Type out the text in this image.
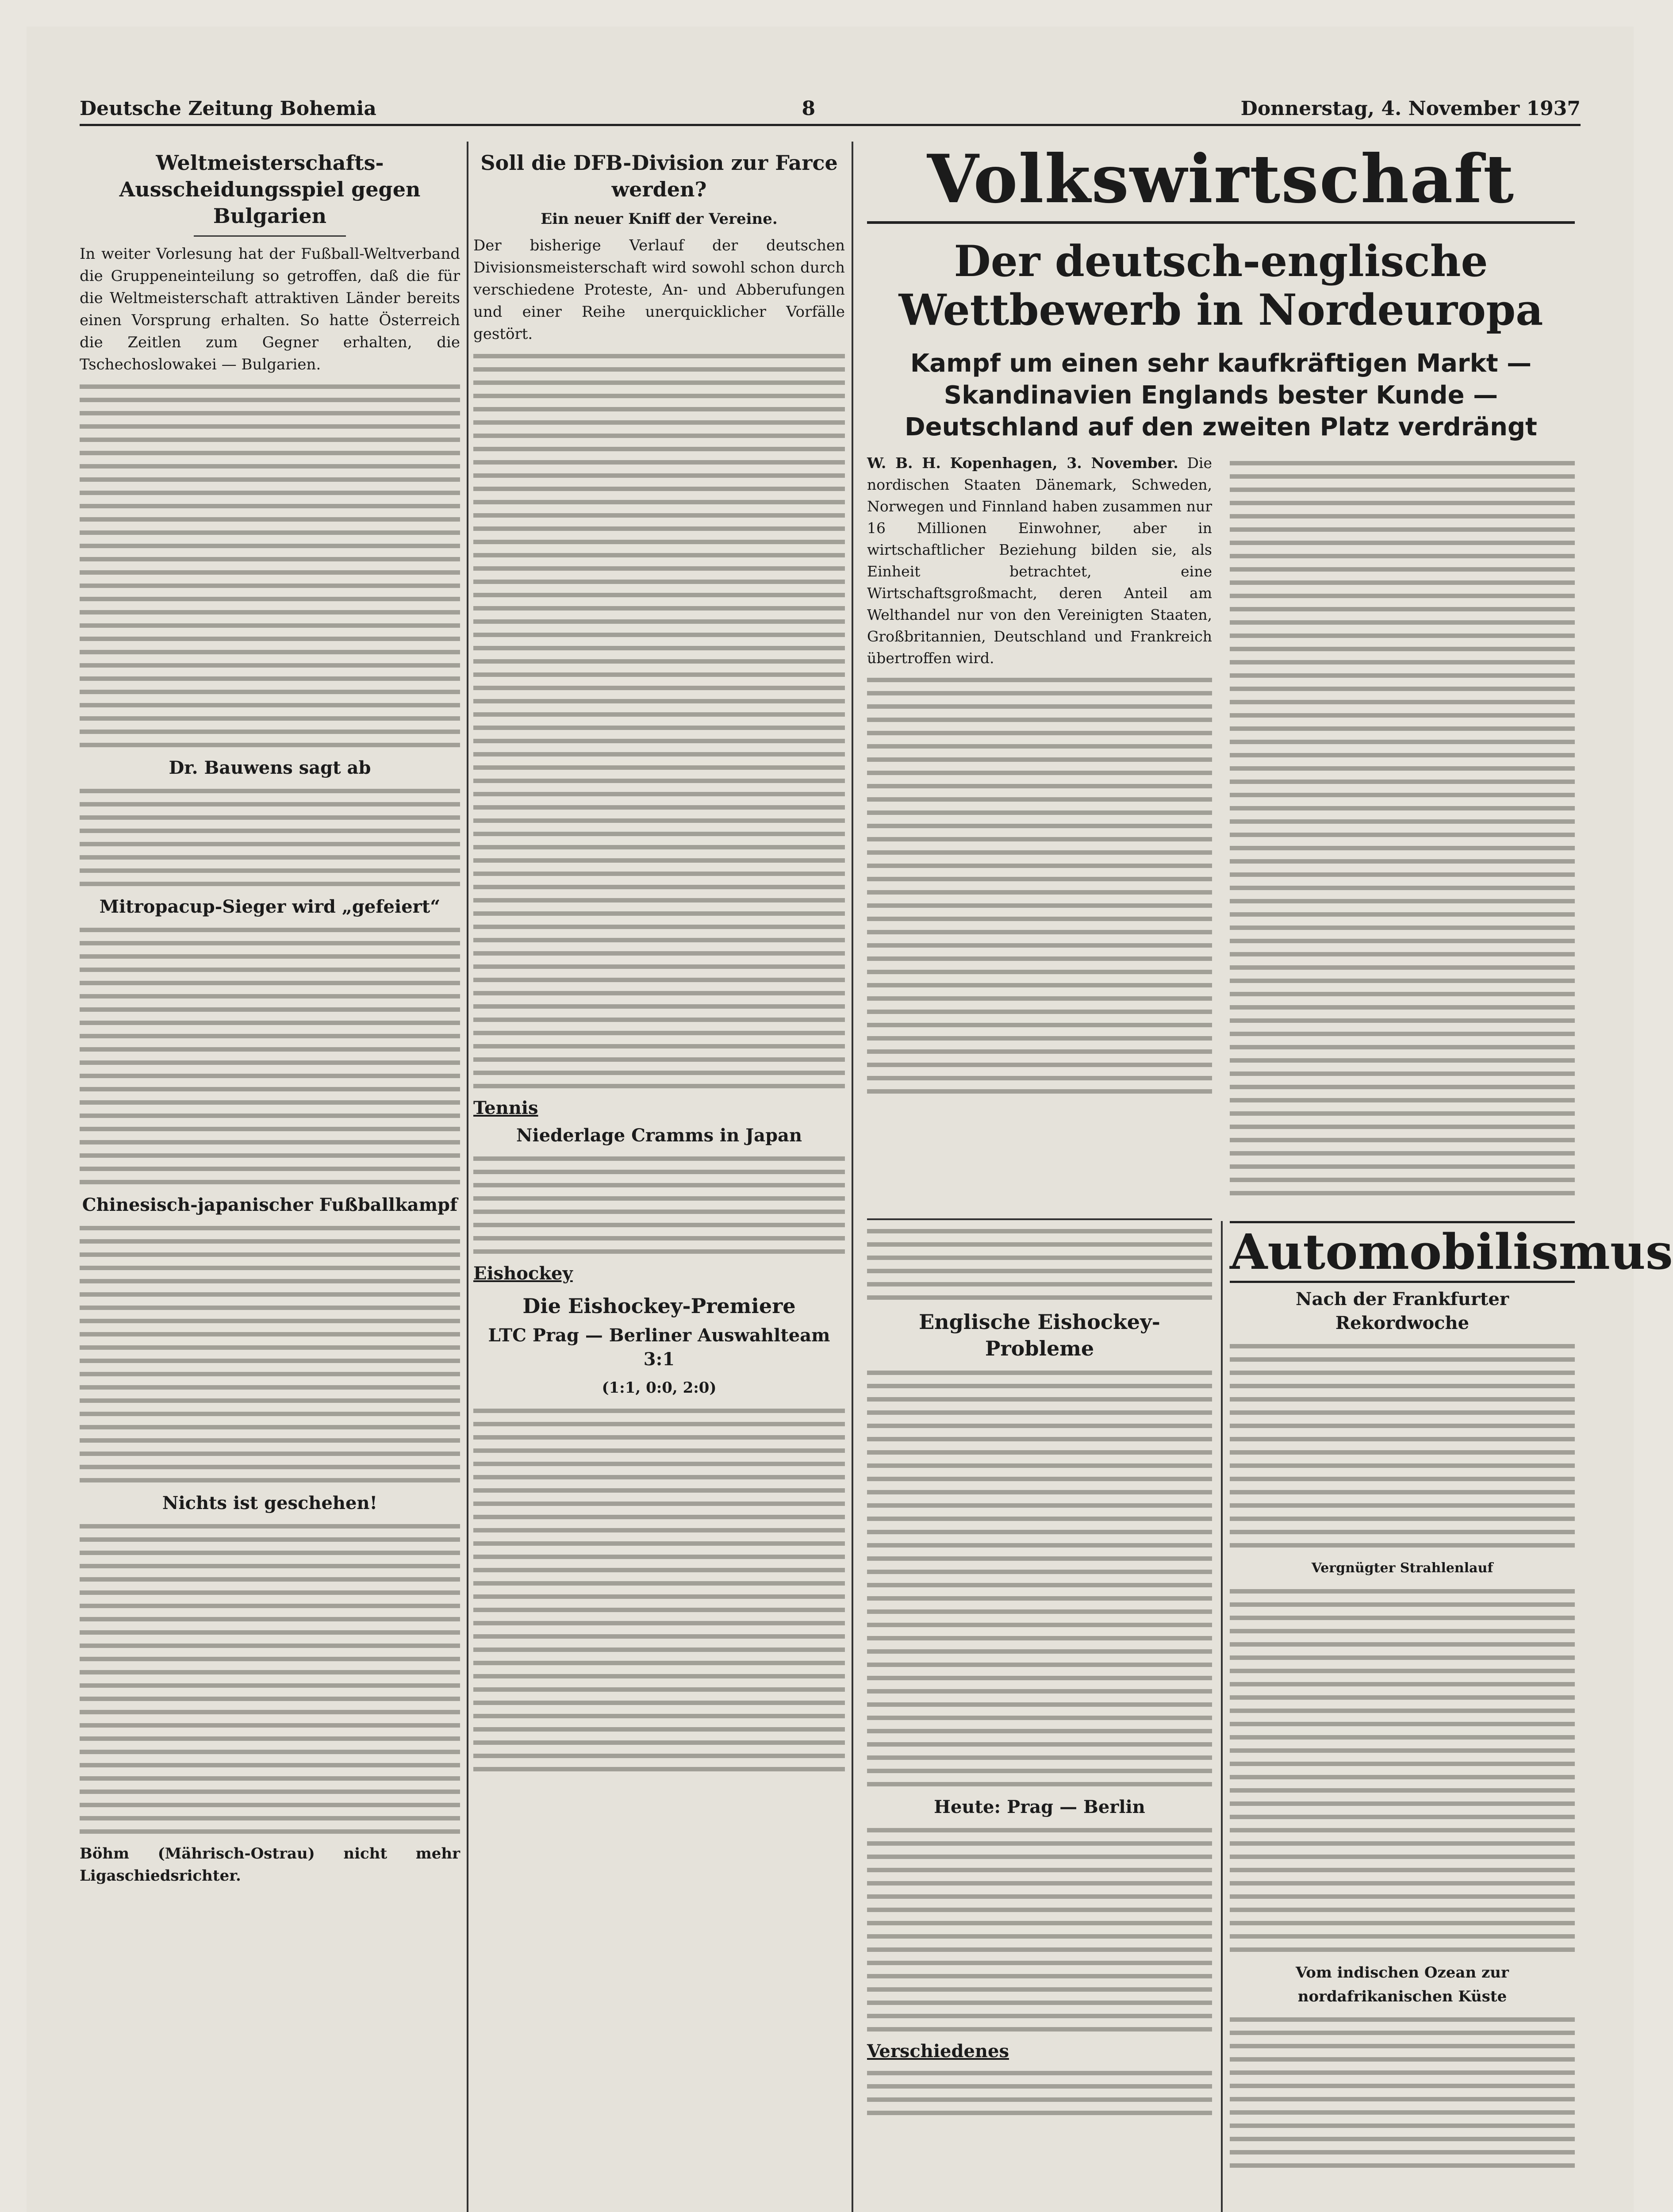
Deutsche Zeitung Bohemia	8	Donnerstag, 4. November 1937
Weltmeisterschafts-Ausscheidungsspiel gegen Bulgarien

In weiter Vorlesung hat der Fußball-Weltverband die Gruppeneinteilung so getroffen, daß die für die Weltmeisterschaft attraktiven Länder bereits einen Vorsprung erhalten. So hatte Österreich die Zeitlen zum Gegner erhalten, die Tschechoslowakei — Bulgarien.

Dr. Bauwens sagt ab
Mitropacup-Sieger wird „gefeiert“
Chinesisch-japanischer Fußballkampf
Nichts ist geschehen!

Böhm (Mährisch-Ostrau) nicht mehr Ligaschiedsrichter.

Soll die DFB-Division zur Farce werden?
Ein neuer Kniff der Vereine.

Der bisherige Verlauf der deutschen Divisionsmeisterschaft wird sowohl schon durch verschiedene Proteste, An- und Abberufungen und einer Reihe unerquicklicher Vorfälle gestört.

Tennis
Niederlage Cramms in Japan
Eishockey
Die Eishockey-Premiere
LTC Prag — Berliner Auswahlteam 3:1
(1:1, 0:0, 2:0)
Volkswirtschaft
Der deutsch-englische Wettbewerb in Nordeuropa
Kampf um einen sehr kaufkräftigen Markt — Skandinavien Englands bester Kunde — Deutschland auf den zweiten Platz verdrängt

W. B. H. Kopenhagen, 3. November. Die nordischen Staaten Dänemark, Schweden, Norwegen und Finnland haben zusammen nur 16 Millionen Einwohner, aber in wirtschaftlicher Beziehung bilden sie, als Einheit betrachtet, eine Wirtschaftsgroßmacht, deren Anteil am Welthandel nur von den Vereinigten Staaten, Großbritannien, Deutschland und Frankreich übertroffen wird.

Englische Eishockey-Probleme
Heute: Prag — Berlin
Verschiedenes
Automobilismus
Nach der Frankfurter Rekordwoche
Vergnügter Strahlenlauf
Vom indischen Ozean zur nordafrikanischen Küste
